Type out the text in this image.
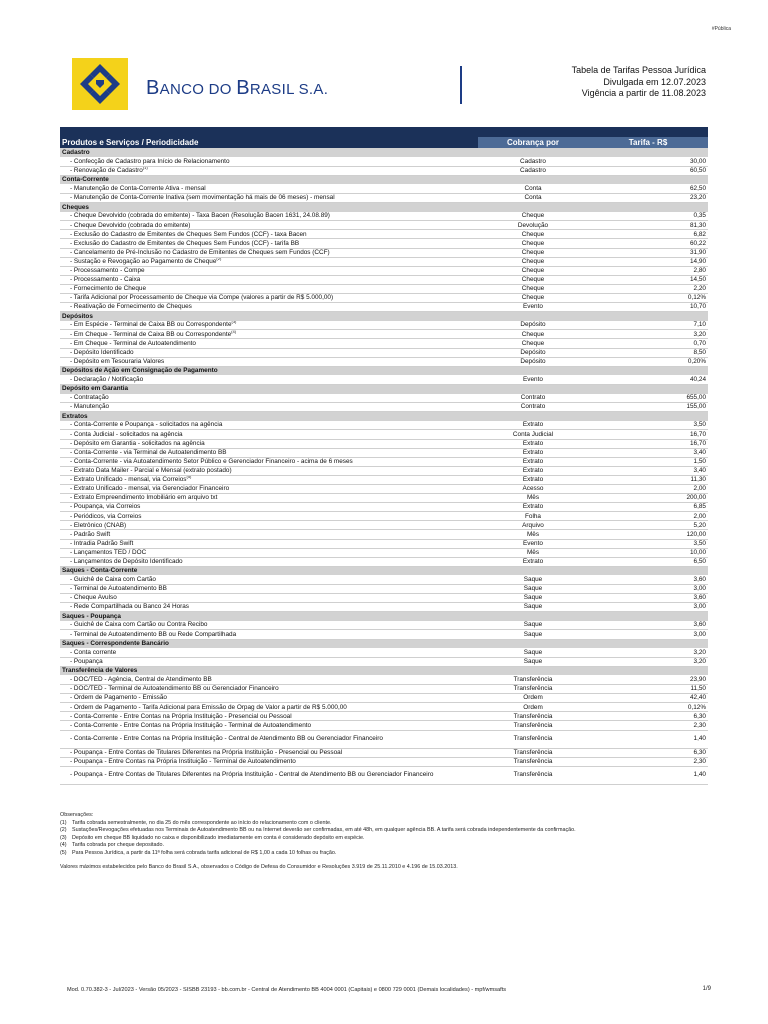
#Pública
BANCO DO BRASIL S.A.
Tabela de Tarifas Pessoa Jurídica
Divulgada em 12.07.2023
Vigência a partir de 11.08.2023
Produtos e Serviços / Periodicidade	Cobrança por	Tarifa - R$
Cadastro		
- Confecção de Cadastro para Início de Relacionamento	Cadastro	30,00
- Renovação de Cadastro$^{(1)}$	Cadastro	60,50
Conta-Corrente		
- Manutenção de Conta-Corrente Ativa - mensal	Conta	62,50
- Manutenção de Conta-Corrente Inativa (sem movimentação há mais de 06 meses) - mensal	Conta	23,20
Cheques		
- Cheque Devolvido (cobrada do emitente) - Taxa Bacen (Resolução Bacen 1631, 24.08.89)	Cheque	0,35
- Cheque Devolvido (cobrada do emitente)	Devolução	81,30
- Exclusão do Cadastro de Emitentes de Cheques Sem Fundos (CCF) - taxa Bacen	Cheque	6,82
- Exclusão do Cadastro de Emitentes de Cheques Sem Fundos (CCF) - tarifa BB	Cheque	60,22
- Cancelamento de Pré-Inclusão no Cadastro de Emitentes de Cheques sem Fundos (CCF)	Cheque	31,90
- Sustação e Revogação ao Pagamento de Cheque$^{(2)}$	Cheque	14,90
- Processamento - Compe	Cheque	2,80
- Processamento - Caixa	Cheque	14,50
- Fornecimento de Cheque	Cheque	2,20
- Tarifa Adicional por Processamento de Cheque via Compe (valores a partir de R$ 5.000,00)	Cheque	0,12%
- Reativação de Fornecimento de Cheques	Evento	10,70
Depósitos		
- Em Espécie - Terminal de Caixa BB ou Correspondente$^{(3)}$	Depósito	7,10
- Em Cheque - Terminal de Caixa BB ou Correspondente$^{(4)}$	Cheque	3,20
- Em Cheque - Terminal de Autoatendimento	Cheque	0,70
- Depósito Identificado	Depósito	8,50
- Depósito em Tesouraria Valores	Depósito	0,20%
Depósitos de Ação em Consignação de Pagamento		
- Declaração / Notificação	Evento	40,24
Depósito em Garantia		
- Contratação	Contrato	655,00
- Manutenção	Contrato	155,00
Extratos		
- Conta-Corrente e Poupança - solicitados na agência	Extrato	3,50
- Conta Judicial - solicitados na agência	Conta Judicial	16,70
- Depósito em Garantia - solicitados na agência	Extrato	16,70
- Conta-Corrente - via Terminal de Autoatendimento BB	Extrato	3,40
- Conta-Corrente - via Autoatendimento Setor Público e Gerenciador Financeiro - acima de 6 meses	Extrato	1,50
- Extrato Data Mailer - Parcial e Mensal (extrato postado)	Extrato	3,40
- Extrato Unificado - mensal, via Correios$^{(5)}$	Extrato	11,30
- Extrato Unificado - mensal, via Gerenciador Financeiro	Acesso	2,00
- Extrato Empreendimento Imobiliário em arquivo txt	Mês	200,00
- Poupança, via Correios	Extrato	6,85
- Periódicos, via Correios	Folha	2,00
- Eletrônico (CNAB)	Arquivo	5,20
- Padrão Swift	Mês	120,00
- Intradia Padrão Swift	Evento	3,50
- Lançamentos TED / DOC	Mês	10,00
- Lançamentos de Depósito Identificado	Extrato	6,50
Saques - Conta-Corrente		
- Guichê de Caixa com Cartão	Saque	3,60
- Terminal de Autoatendimento BB	Saque	3,00
- Cheque Avulso	Saque	3,60
- Rede Compartilhada ou Banco 24 Horas	Saque	3,00
Saques - Poupança		
- Guichê de Caixa com Cartão ou Contra Recibo	Saque	3,60
- Terminal de Autoatendimento BB ou Rede Compartilhada	Saque	3,00
Saques - Correspondente Bancário		
- Conta corrente	Saque	3,20
- Poupança	Saque	3,20
Transferência de Valores		
- DOC/TED - Agência, Central de Atendimento BB	Transferência	23,90
- DOC/TED - Terminal de Autoatendimento BB ou Gerenciador Financeiro	Transferência	11,50
- Ordem de Pagamento - Emissão	Ordem	42,40
- Ordem de Pagamento - Tarifa Adicional para Emissão de Orpag de Valor a partir de R$ 5.000,00	Ordem	0,12%
- Conta-Corrente - Entre Contas na Própria Instituição - Presencial ou Pessoal	Transferência	6,30
- Conta-Corrente - Entre Contas na Própria Instituição - Terminal de Autoatendimento	Transferência	2,30
- Conta-Corrente - Entre Contas na Própria Instituição - Central de Atendimento BB ou Gerenciador Financeiro	Transferência	1,40
- Poupança - Entre Contas de Titulares Diferentes na Própria Instituição - Presencial ou Pessoal	Transferência	6,30
- Poupança - Entre Contas na Própria Instituição - Terminal de Autoatendimento	Transferência	2,30
- Poupança - Entre Contas de Titulares Diferentes na Própria Instituição - Central de Atendimento BB ou Gerenciador Financeiro	Transferência	1,40
Observações:
(1)	Tarifa cobrada semestralmente, no dia 25 do mês correspondente ao início do relacionamento com o cliente.
(2)	Sustações/Revogações efetuadas nos Terminais de Autoatendimento BB ou na Internet deverão ser confirmadas, em até 48h, em qualquer agência BB. A tarifa será cobrada independentemente da confirmação.
(3)	Depósito em cheque BB liquidado no caixa e disponibilizado imediatamente em conta é considerado depósito em espécie.
(4)	Tarifa cobrada por cheque depositado.
(5)	Para Pessoa Jurídica, a partir da 11ª folha será cobrada tarifa adicional de R$ 1,00 a cada 10 folhas ou fração.
Valores máximos estabelecidos pelo Banco do Brasil S.A., observados o Código de Defesa do Consumidor e Resoluções 3.919 de 25.11.2010 e 4.196 de 15.03.2013.
Mod. 0.70.382-3 - Jul/2023 - Versão 05/2023 - SISBB 23193 - bb.com.br - Central de Atendimento BB 4004 0001 (Capitais) e 0800 729 0001 (Demais localidades) - mpf/wmsafts	1/9
